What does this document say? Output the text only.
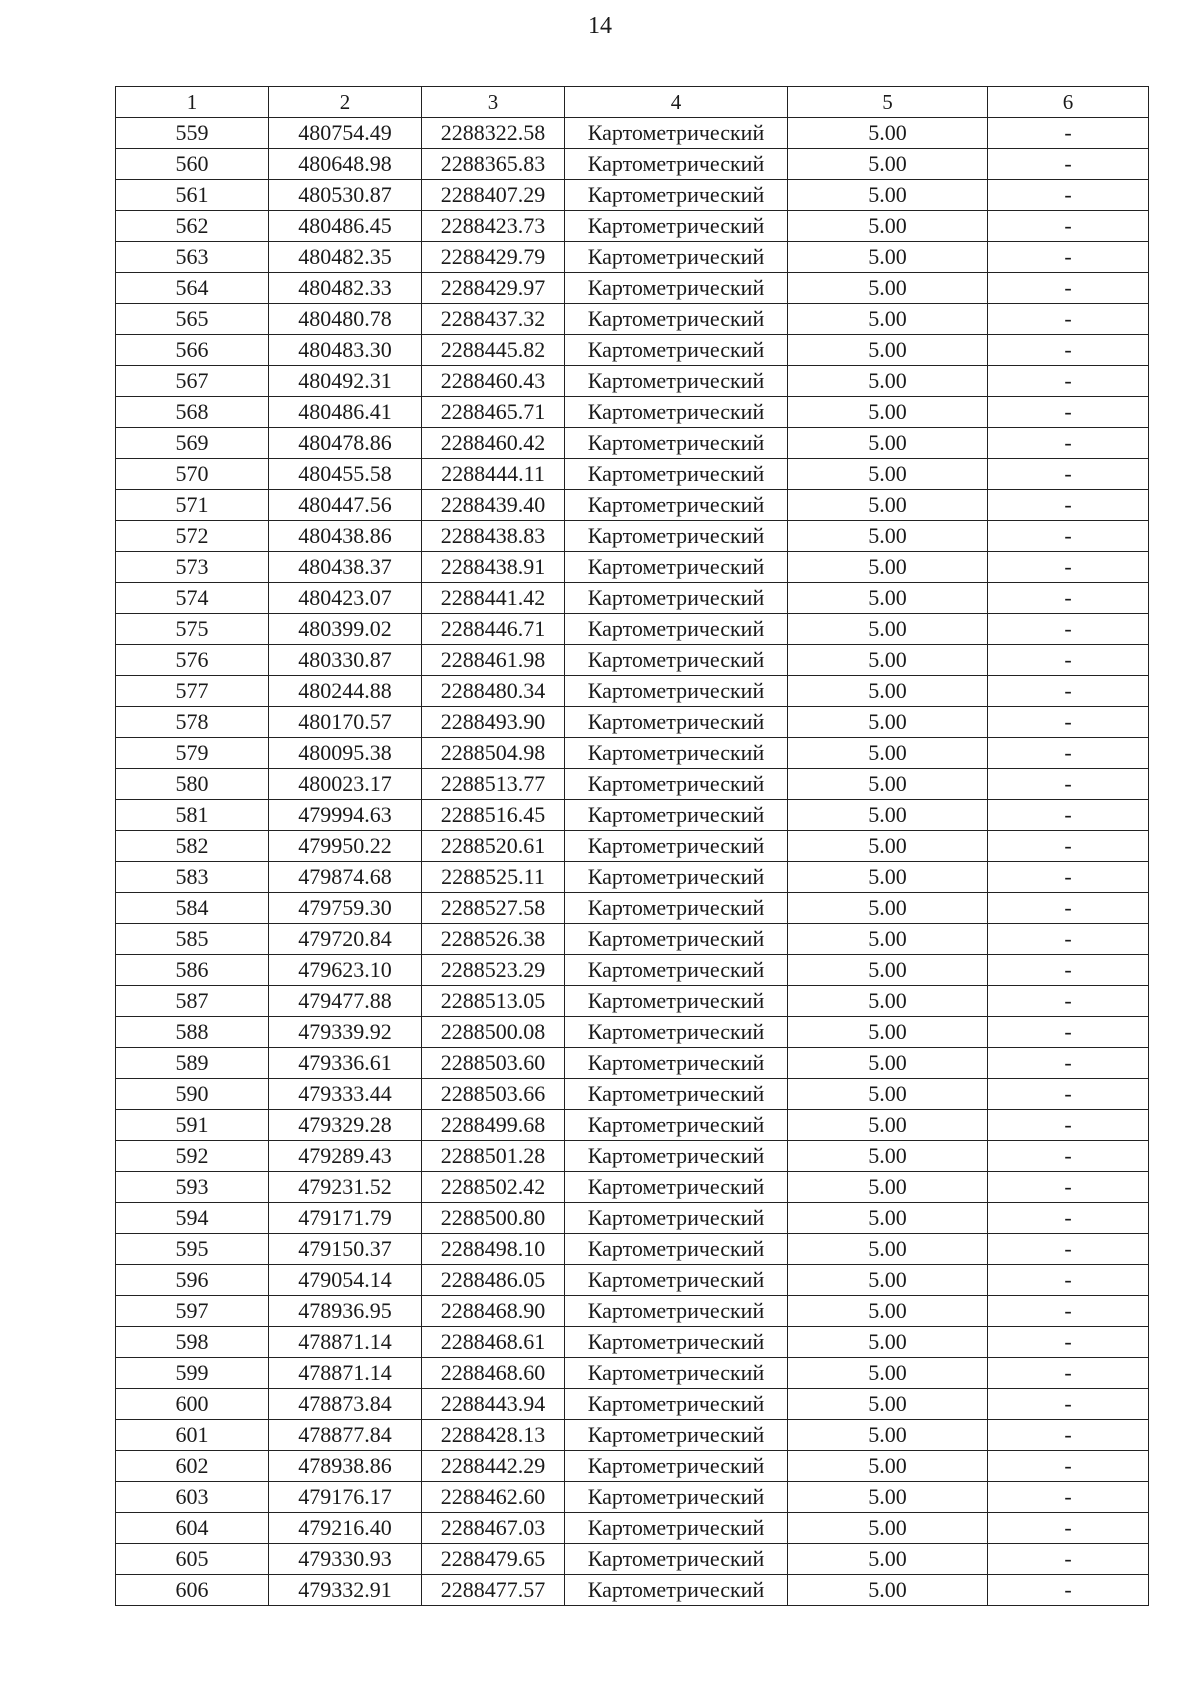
14
1	2	3	4	5	6
559	480754.49	2288322.58	Картометрический	5.00	-
560	480648.98	2288365.83	Картометрический	5.00	-
561	480530.87	2288407.29	Картометрический	5.00	-
562	480486.45	2288423.73	Картометрический	5.00	-
563	480482.35	2288429.79	Картометрический	5.00	-
564	480482.33	2288429.97	Картометрический	5.00	-
565	480480.78	2288437.32	Картометрический	5.00	-
566	480483.30	2288445.82	Картометрический	5.00	-
567	480492.31	2288460.43	Картометрический	5.00	-
568	480486.41	2288465.71	Картометрический	5.00	-
569	480478.86	2288460.42	Картометрический	5.00	-
570	480455.58	2288444.11	Картометрический	5.00	-
571	480447.56	2288439.40	Картометрический	5.00	-
572	480438.86	2288438.83	Картометрический	5.00	-
573	480438.37	2288438.91	Картометрический	5.00	-
574	480423.07	2288441.42	Картометрический	5.00	-
575	480399.02	2288446.71	Картометрический	5.00	-
576	480330.87	2288461.98	Картометрический	5.00	-
577	480244.88	2288480.34	Картометрический	5.00	-
578	480170.57	2288493.90	Картометрический	5.00	-
579	480095.38	2288504.98	Картометрический	5.00	-
580	480023.17	2288513.77	Картометрический	5.00	-
581	479994.63	2288516.45	Картометрический	5.00	-
582	479950.22	2288520.61	Картометрический	5.00	-
583	479874.68	2288525.11	Картометрический	5.00	-
584	479759.30	2288527.58	Картометрический	5.00	-
585	479720.84	2288526.38	Картометрический	5.00	-
586	479623.10	2288523.29	Картометрический	5.00	-
587	479477.88	2288513.05	Картометрический	5.00	-
588	479339.92	2288500.08	Картометрический	5.00	-
589	479336.61	2288503.60	Картометрический	5.00	-
590	479333.44	2288503.66	Картометрический	5.00	-
591	479329.28	2288499.68	Картометрический	5.00	-
592	479289.43	2288501.28	Картометрический	5.00	-
593	479231.52	2288502.42	Картометрический	5.00	-
594	479171.79	2288500.80	Картометрический	5.00	-
595	479150.37	2288498.10	Картометрический	5.00	-
596	479054.14	2288486.05	Картометрический	5.00	-
597	478936.95	2288468.90	Картометрический	5.00	-
598	478871.14	2288468.61	Картометрический	5.00	-
599	478871.14	2288468.60	Картометрический	5.00	-
600	478873.84	2288443.94	Картометрический	5.00	-
601	478877.84	2288428.13	Картометрический	5.00	-
602	478938.86	2288442.29	Картометрический	5.00	-
603	479176.17	2288462.60	Картометрический	5.00	-
604	479216.40	2288467.03	Картометрический	5.00	-
605	479330.93	2288479.65	Картометрический	5.00	-
606	479332.91	2288477.57	Картометрический	5.00	-
